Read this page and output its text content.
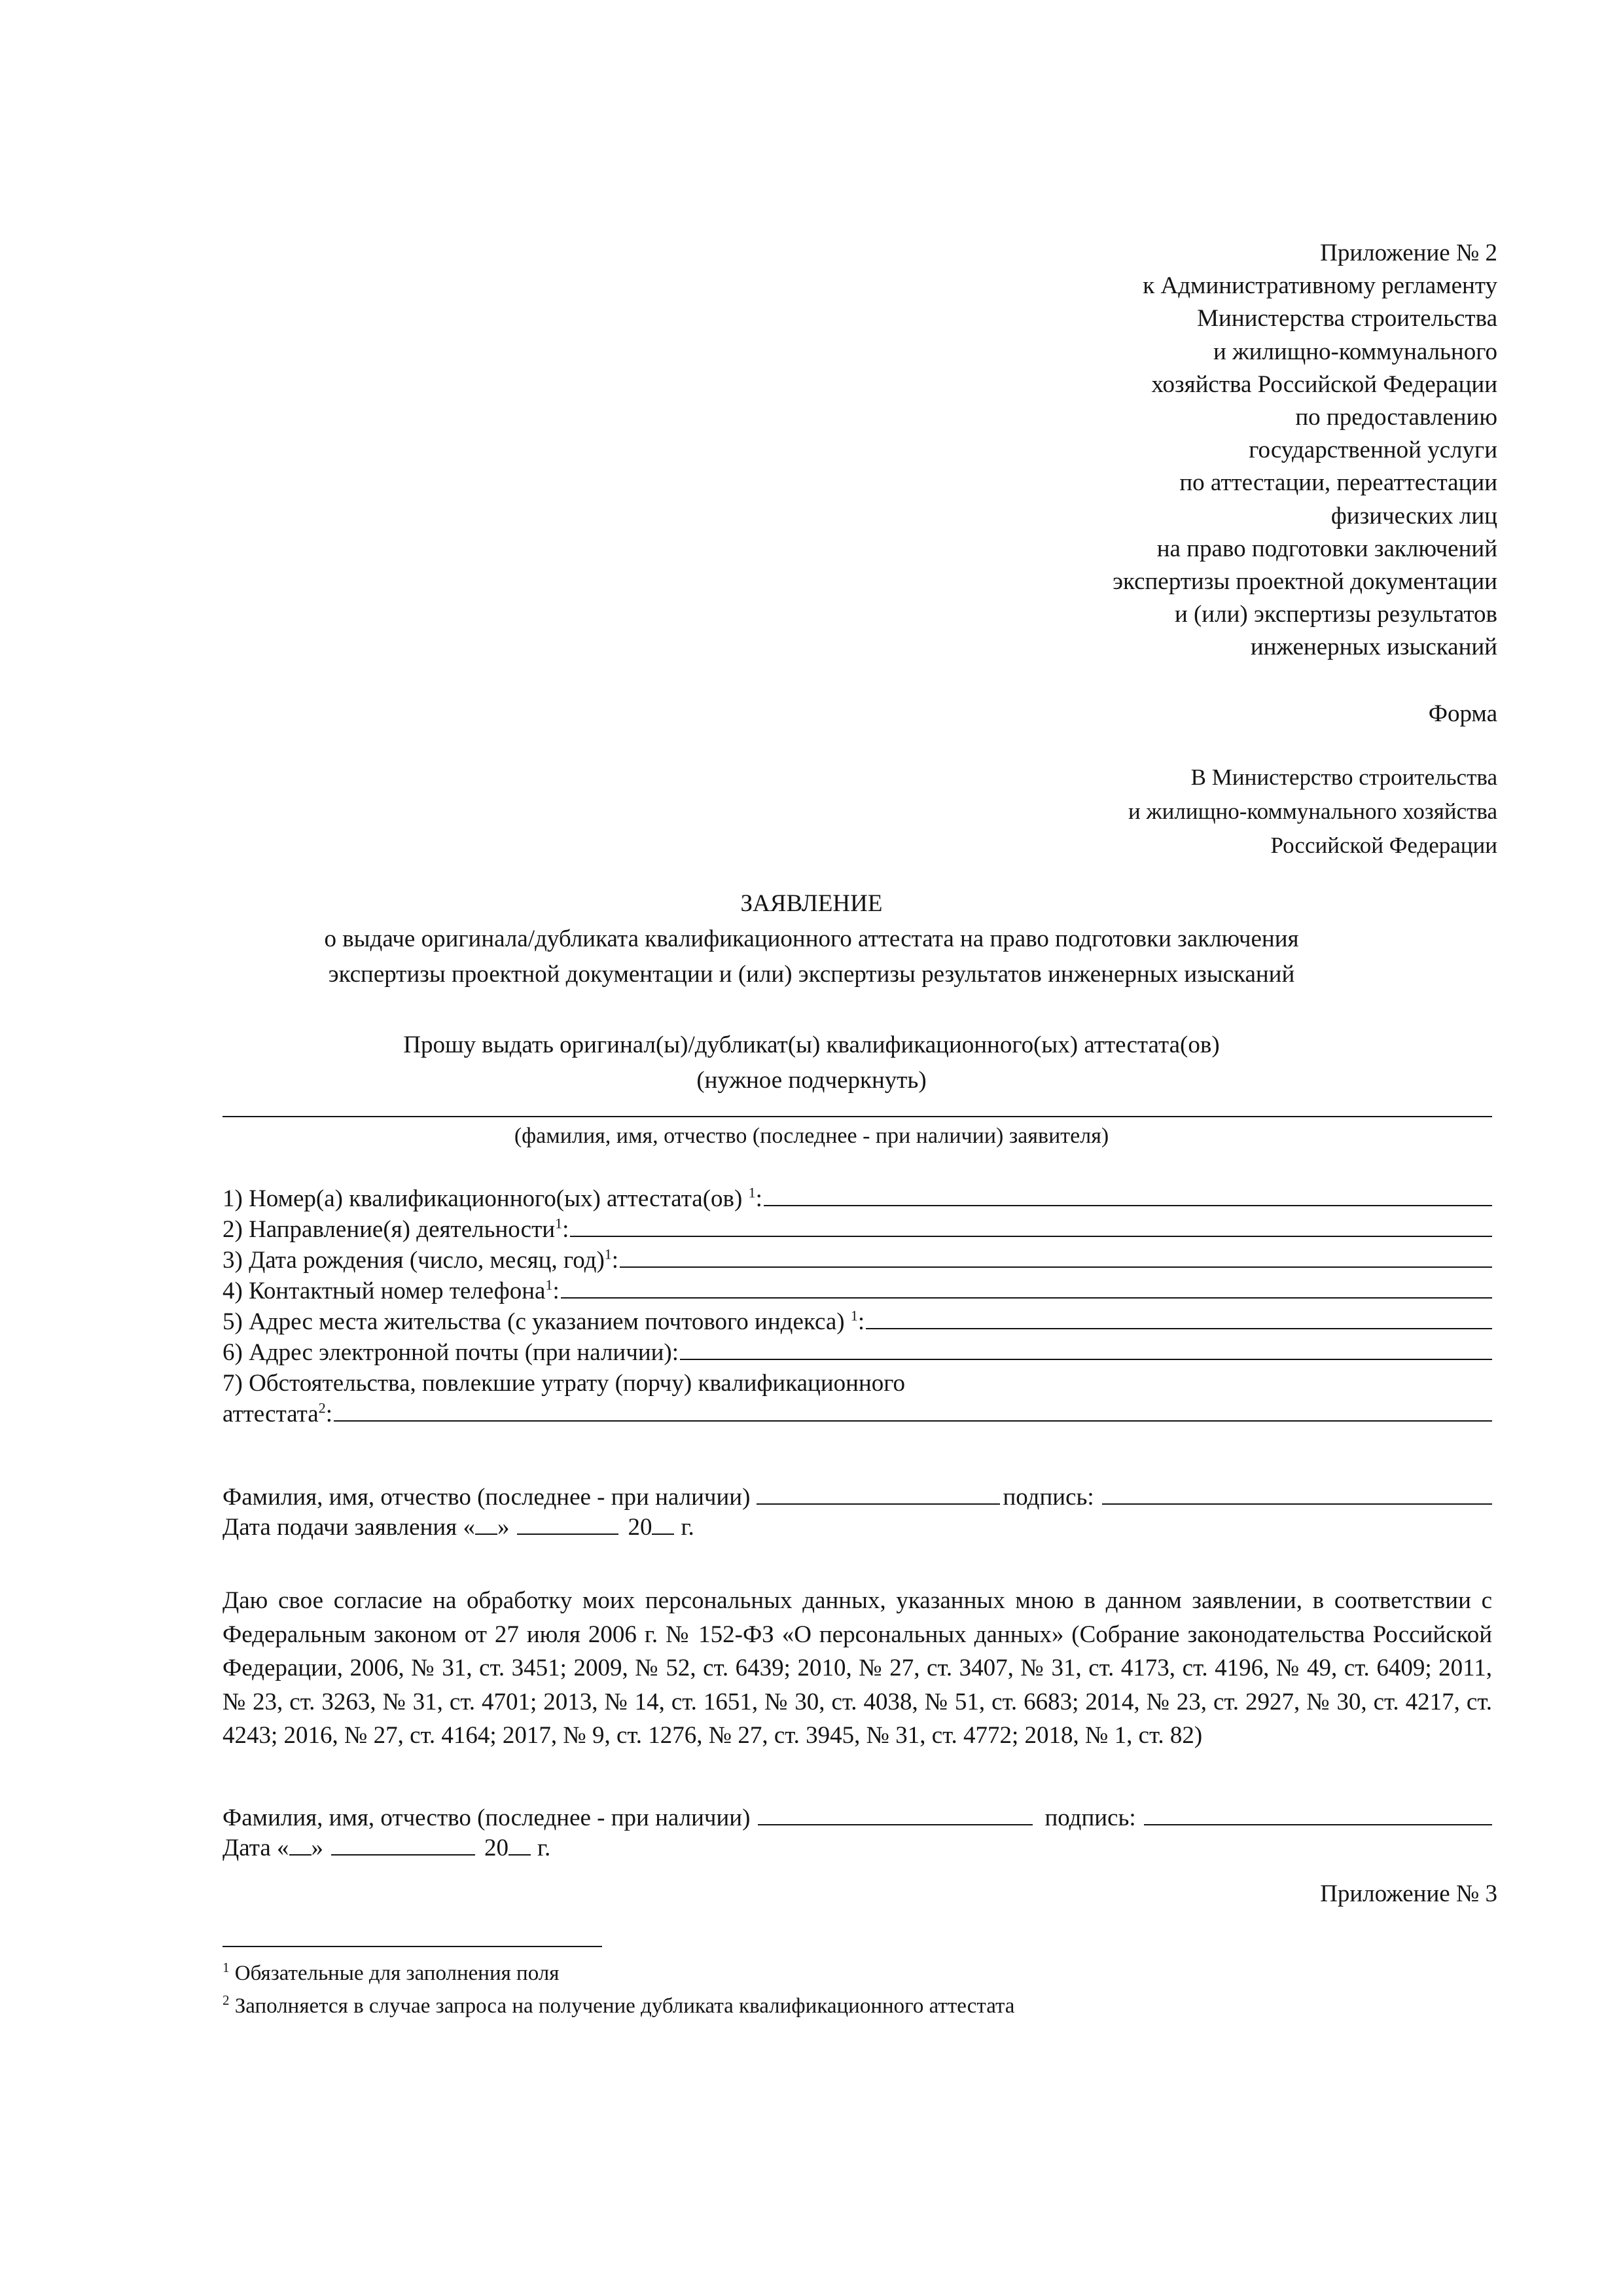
Приложение № 2
к Административному регламенту
Министерства строительства
и жилищно-коммунального
хозяйства Российской Федерации
по предоставлению
государственной услуги
по аттестации, переаттестации
физических лиц
на право подготовки заключений
экспертизы проектной документации
и (или) экспертизы результатов
инженерных изысканий
Форма
В Министерство строительства
и жилищно-коммунального хозяйства
Российской Федерации
ЗАЯВЛЕНИЕ
о выдаче оригинала/дубликата квалификационного аттестата на право подготовки заключения
экспертизы проектной документации и (или) экспертизы результатов инженерных изысканий
Прошу выдать оригинал(ы)/дубликат(ы) квалификационного(ых) аттестата(ов)
(нужное подчеркнуть)
(фамилия, имя, отчество (последнее - при наличии) заявителя)
1) Номер(а) квалификационного(ых) аттестата(ов) $^1$:
2) Направление(я) деятельности$^1$:
3) Дата рождения (число, месяц, год)$^1$:
4) Контактный номер телефона$^1$:
5) Адрес места жительства (с указанием почтового индекса) $^1$:
6) Адрес электронной почты (при наличии):
7) Обстоятельства, повлекшие утрату (порчу) квалификационного
аттестата$^2$:
Фамилия, имя, отчество (последнее - при наличии)	подпись:
Дата подачи заявления « »	20 г.
Даю свое согласие на обработку моих персональных данных, указанных мною в данном заявлении, в соответствии с Федеральным законом от 27 июля 2006 г. № 152-ФЗ «О персональных данных» (Собрание законодательства Российской Федерации, 2006, № 31, ст. 3451; 2009, № 52, ст. 6439; 2010, № 27, ст. 3407, № 31, ст. 4173, ст. 4196, № 49, ст. 6409; 2011, № 23, ст. 3263, № 31, ст. 4701; 2013, № 14, ст. 1651, № 30, ст. 4038, № 51, ст. 6683; 2014, № 23, ст. 2927, № 30, ст. 4217, ст. 4243; 2016, № 27, ст. 4164; 2017, № 9, ст. 1276, № 27, ст. 3945, № 31, ст. 4772; 2018, № 1, ст. 82)
Фамилия, имя, отчество (последнее - при наличии)	подпись:
Дата « »	20 г.
Приложение № 3
$^1$ Обязательные для заполнения поля
$^2$ Заполняется в случае запроса на получение дубликата квалификационного аттестата
